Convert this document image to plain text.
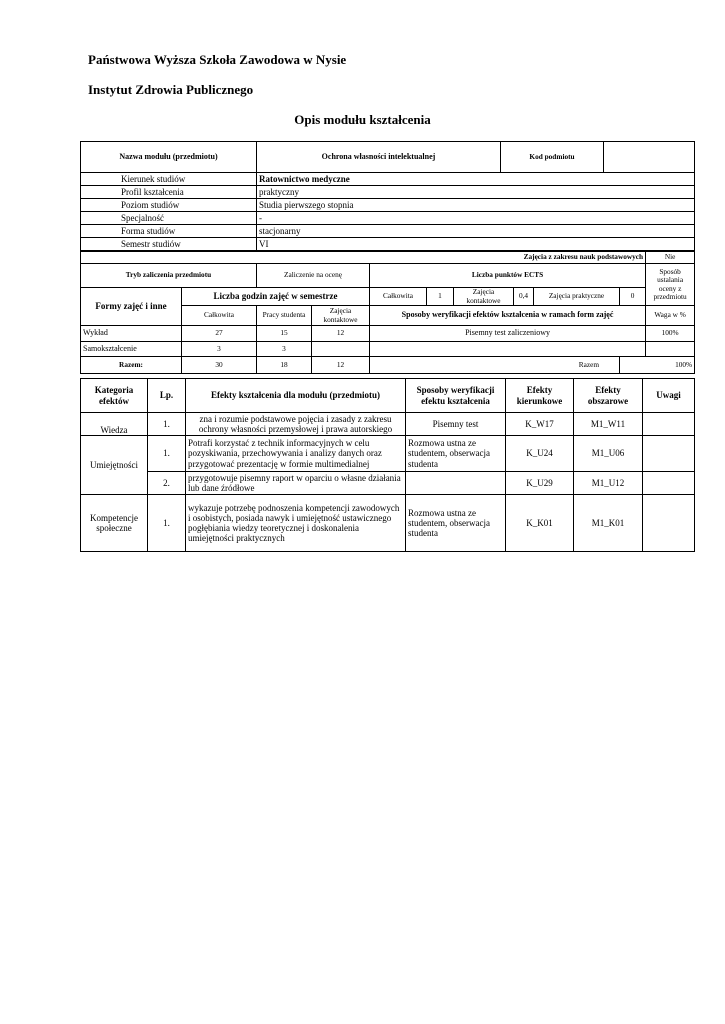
Państwowa Wyższa Szkoła Zawodowa w Nysie
Instytut Zdrowia Publicznego
Opis modułu kształcenia
Nazwa modułu (przedmiotu)	Ochrona własności intelektualnej	Kod podmiotu	
Kierunek studiów	Ratownictwo medyczne
Profil kształcenia	praktyczny
Poziom studiów	Studia pierwszego stopnia
Specjalność	-
Forma studiów	stacjonarny
Semestr studiów	VI
Zajęcia z zakresu nauk podstawowych										Nie
Tryb zaliczenia przedmiotu		Zaliczenie na ocenę		Liczba punktów ECTS						Sposób ustalania oceny z przedmiotu
Formy zajęć i inne	Liczba godzin zajęć w semestrze			Całkowita	1	Zajęcia kontaktowe	0,4	Zajęcia praktyczne	0	
	Całkowita	Pracy studenta	Zajęcia kontaktowe	Sposoby weryfikacji efektów kształcenia w ramach form zajęć						Waga w %
Wykład	27	15	12	Pisemny test zaliczeniowy						100%
Samokształcenie	3	3								
Razem:	30	18	12	Razem					100%	
Kategoria efektów	Lp.	Efekty kształcenia dla modułu (przedmiotu)	Sposoby weryfikacji efektu kształcenia	Efekty kierunkowe	Efekty obszarowe	Uwagi
Wiedza	1.	zna i rozumie podstawowe pojęcia i zasady z zakresu ochrony własności przemysłowej i prawa autorskiego	Pisemny test	K_W17	M1_W11	
Umiejętności	1.	Potrafi korzystać z technik informacyjnych w celu pozyskiwania, przechowywania i analizy danych oraz przygotować prezentację w formie multimedialnej	Rozmowa ustna ze studentem, obserwacja studenta	K_U24	M1_U06	
	2.	przygotowuje pisemny raport w oparciu o własne działania lub dane źródłowe		K_U29	M1_U12	
Kompetencje społeczne	1.	wykazuje potrzebę podnoszenia kompetencji zawodowych i osobistych, posiada nawyk i umiejętność ustawicznego pogłębiania wiedzy teoretycznej i doskonalenia umiejętności praktycznych	Rozmowa ustna ze studentem, obserwacja studenta	K_K01	M1_K01	
